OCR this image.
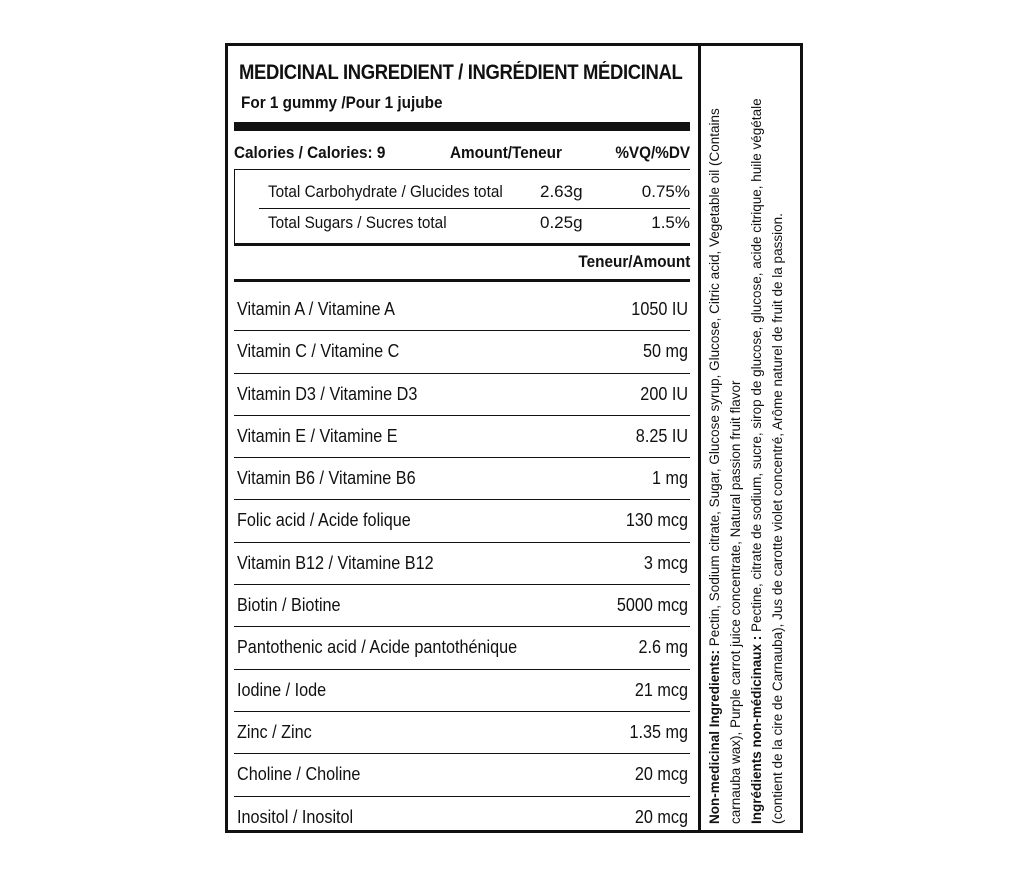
MEDICINAL INGREDIENT / INGRÉDIENT MÉDICINAL
For 1 gummy /Pour 1 jujube
Calories / Calories: 9	Amount/Teneur	%VQ/%DV
Total Carbohydrate / Glucides total 2.63g	0.75%
Total Sugars / Sucres total	0.25g	1.5%
Teneur/Amount
Vitamin A / Vitamine A	1050 IU
Vitamin C / Vitamine C	50 mg
Vitamin D3 / Vitamine D3	200 IU
Vitamin E / Vitamine E	8.25 IU
Vitamin B6 / Vitamine B6	1 mg
Folic acid / Acide folique	130 mcg
Vitamin B12 / Vitamine B12	3 mcg
Biotin / Biotine	5000 mcg
Pantothenic acid / Acide pantothénique	2.6 mg
Iodine / Iode	21 mcg
Zinc / Zinc	1.35 mg
Choline / Choline	20 mcg
Inositol / Inositol	20 mcg Non-medicinal Ingredients: Pectin, Sodium citrate, Sugar, Glucose syrup, Glucose, Citric acid, Vegetable oil (Contains carnauba wax), Purple carrot juice concentrate, Natural passion fruit flavor Ingrédients non-médicinaux : Pectine, citrate de sodium, sucre, sirop de glucose, glucose, acide citrique, huile végétale (contient de la cire de Carnauba), Jus de carotte violet concentré, Arôme naturel de fruit de la passion.
